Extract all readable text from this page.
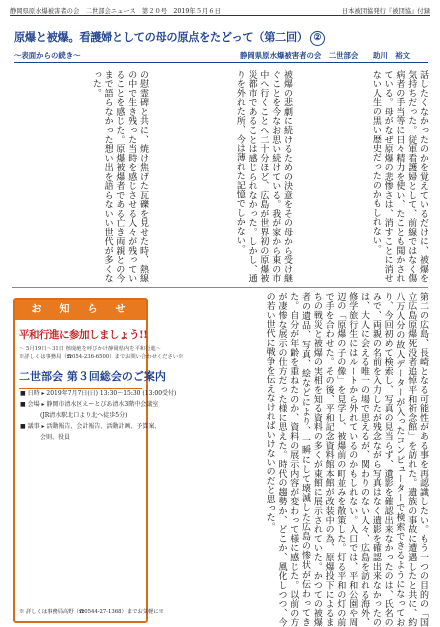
静岡県原水爆被害者の会　二世部会ニュース　第２０号　2019年５月６日	日本被団協発行『被団協』付録
原爆と被爆。看護婦としての母の原点をたどって（第二回） ②
～表面からの続き～	静岡県原水爆被害者の会　二世部会　　助川　裕文

話したくなかったのかを覚えているだけに、被爆を気持ちだった。従軍看護婦として、前線ではなく傷病者の手当等に日々精力を使い、たことも聞かされている。母がなぜ原爆の悲惨さは、消すことに消せない人生の黒い歴史だったのかもしれない。

被爆の悲劇に続けるための決意をその母から受け継ぐことを今なお思い続けている。我が家から東の市中へ行くことへ二十分ほど、広島が世界初の原爆被災都市であることは感じられなかった。しかし、通りを外れた所、今は薄れた記憶でしかない。

の慰霊碑と共に、焼け焦げた瓦礫を見せた時、熱線の中で生き残った当時を感じさせる人々が残っていることを感じた。原爆被爆者である亡き両親との今まで語らなかった想い出を語らないい世代が多くなった。

第二の広島、長崎となる可能性がある事を再認識したい。もう一つの目的の「国立広島原爆死没者追悼平和祈念館」を訪れた。遺族の事故に遭遇したと共に、約八万人分の故人データーが入ったコンピューターで検索できるようになっており、今回初めて検索し、写真の見当らず、遺影を確認出来なかったのは、氏名のみで、両親の名前を入力したが残念ながら写真はなく遺影を確認出来なかったのは、大人に会える唯一の場で思えるが、関わりのない人々、広島を訪れる海外、修学旅行生にはルートから外れているのかもしれない。入口では、平和公園や周辺の「原爆の子の像」を見学し、被爆前の町並みを散策した。灯る平和の灯の前で手を合わせた。その後、平和記念資料館本館が改装中の為、原爆投下によるまちの戦災と被爆の実相を知る資料の多くが東館に展示されていた。かつての被爆者の遺品、写真、絵などにより、一瞬にして壊滅した広島の惨状が伝わってきた。自分が年齢を重ねたのか、資料の展示内容が変わって様に感じた。以前の方が凄惨な展示の仕方だった様に思えた。時代の趨勢か、どこか、風化しつつ、今の若い世代に戦争を伝えなければいけないのだと思った。

お　知　ら　せ
平和行進に参加しましょう!!
～ 5月19日～31日 核廃絶を呼びかけ静岡県内を平和行進～
※詳しくは事務局（☎054-236-6500）までお問い合わせください※
二世部会 第３回総会のご案内
■ 日時 ▸ 2019年7月7日(日) 13:30～15:30 (13:00受付)
■ 会場 ▸ 静岡市清水区えーとぴあ清水3階中会議室
(JR清水駅北口より北へ徒歩5分)
■ 議事 ▸ 活動報告、会計報告、活動計画、予算案、
会則、役員
※ 詳しくは事務局高野（☎0544-27-1368）までお気軽に※
